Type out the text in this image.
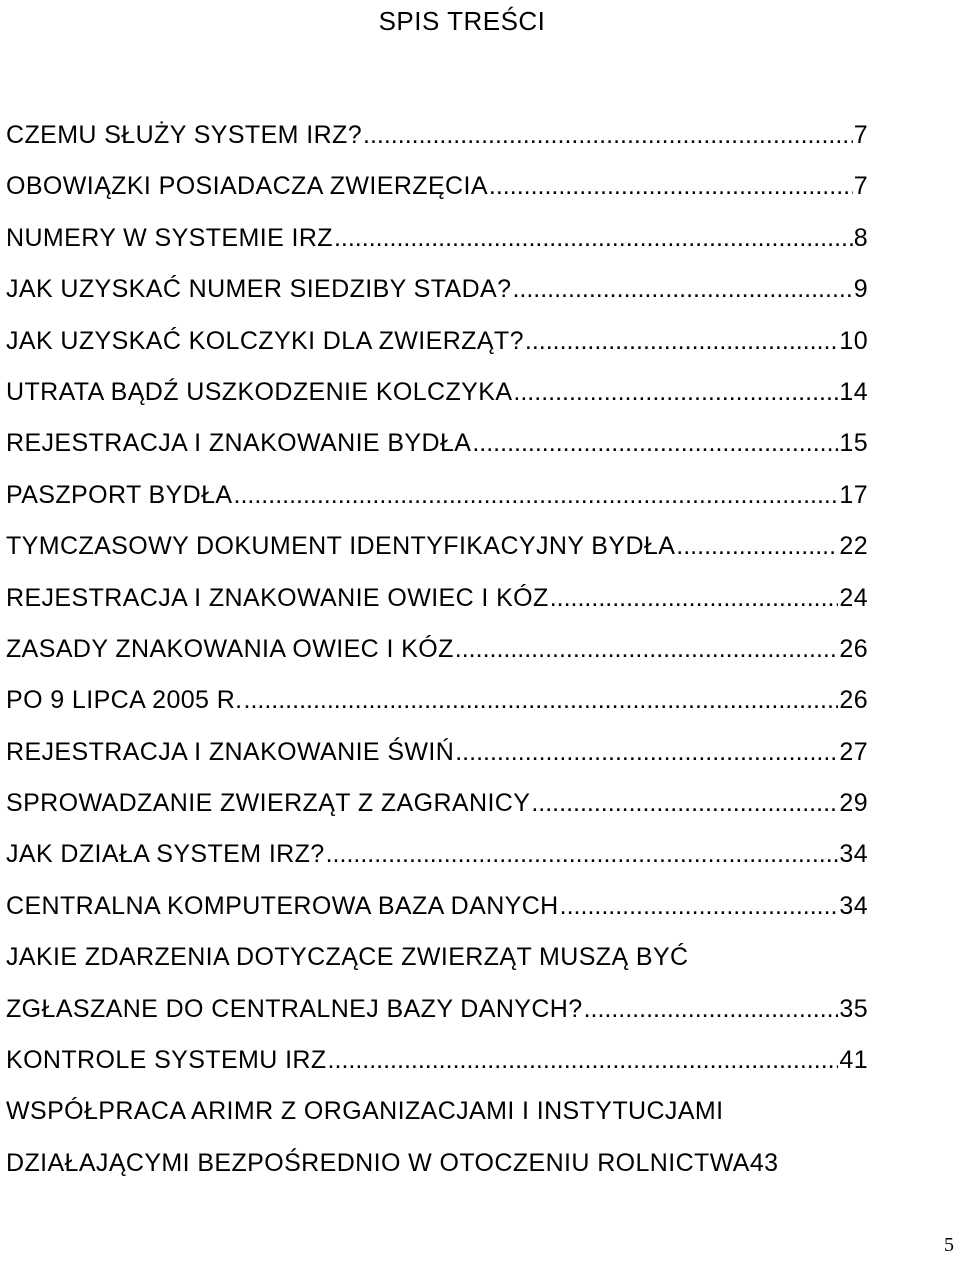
SPIS TREŚCI
CZEMU SŁUŻY SYSTEM IRZ? .....	7
OBOWIĄZKI POSIADACZA ZWIERZĘCIA .....	7
NUMERY W SYSTEMIE IRZ .....	8
JAK UZYSKAĆ NUMER SIEDZIBY STADA? .....	9
JAK UZYSKAĆ KOLCZYKI DLA ZWIERZĄT? .....	10
UTRATA BĄDŹ USZKODZENIE KOLCZYKA .....	14
REJESTRACJA I ZNAKOWANIE BYDŁA .....	15
PASZPORT BYDŁA .....	17
TYMCZASOWY DOKUMENT IDENTYFIKACYJNY BYDŁA .....	22
REJESTRACJA I ZNAKOWANIE OWIEC I KÓZ .....	24
ZASADY ZNAKOWANIA OWIEC I KÓZ .....	26
PO 9 LIPCA 2005 R. .....	26
REJESTRACJA I ZNAKOWANIE ŚWIŃ .....	27
SPROWADZANIE ZWIERZĄT Z ZAGRANICY .....	29
JAK DZIAŁA SYSTEM IRZ? .....	34
CENTRALNA KOMPUTEROWA BAZA DANYCH .....	34
JAKIE ZDARZENIA DOTYCZĄCE ZWIERZĄT MUSZĄ BYĆ
ZGŁASZANE DO CENTRALNEJ BAZY DANYCH? .....	35
KONTROLE SYSTEMU IRZ .....	41
WSPÓŁPRACA ARIMR Z ORGANIZACJAMI I INSTYTUCJAMI
DZIAŁAJĄCYMI BEZPOŚREDNIO W OTOCZENIU ROLNICTWA 43
5
